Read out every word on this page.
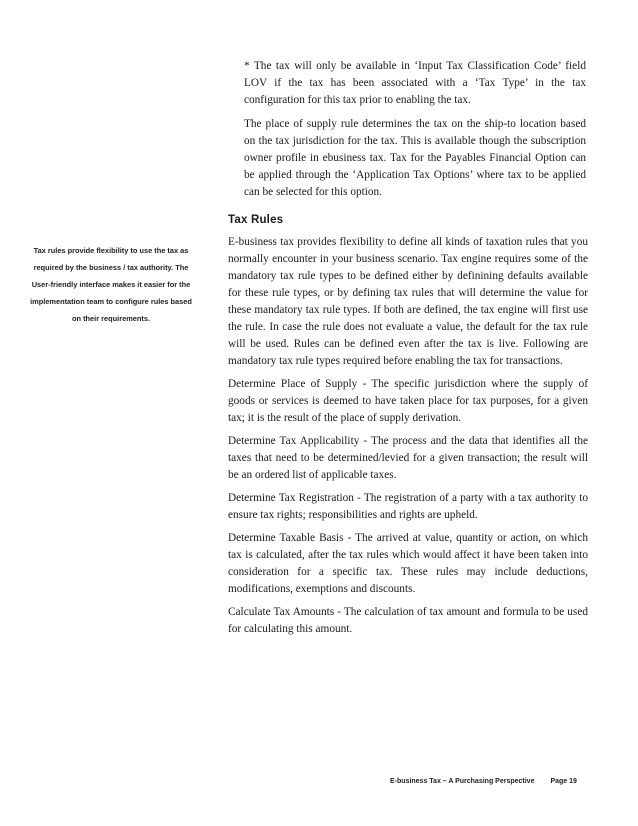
* The tax will only be available in ‘Input Tax Classification Code’ field LOV if the tax has been associated with a ‘Tax Type’ in the tax configuration for this tax prior to enabling the tax.

The place of supply rule determines the tax on the ship-to location based on the tax jurisdiction for the tax. This is available though the subscription owner profile in ebusiness tax. Tax for the Payables Financial Option can be applied through the ‘Application Tax Options’ where tax to be applied can be selected for this option.

Tax rules provide flexibility to use the tax as required by the business / tax authority. The User-friendly interface makes it easier for the implementation team to configure rules based on their requirements.
Tax Rules

E-business tax provides flexibility to define all kinds of taxation rules that you normally encounter in your business scenario. Tax engine requires some of the mandatory tax rule types to be defined either by definining defaults available for these rule types, or by defining tax rules that will determine the value for these mandatory tax rule types. If both are defined, the tax engine will first use the rule. In case the rule does not evaluate a value, the default for the tax rule will be used. Rules can be defined even after the tax is live. Following are mandatory tax rule types required before enabling the tax for transactions.

Determine Place of Supply - The specific jurisdiction where the supply of goods or services is deemed to have taken place for tax purposes, for a given tax; it is the result of the place of supply derivation.

Determine Tax Applicability - The process and the data that identifies all the taxes that need to be determined/levied for a given transaction; the result will be an ordered list of applicable taxes.

Determine Tax Registration - The registration of a party with a tax authority to ensure tax rights; responsibilities and rights are upheld.

Determine Taxable Basis - The arrived at value, quantity or action, on which tax is calculated, after the tax rules which would affect it have been taken into consideration for a specific tax. These rules may include deductions, modifications, exemptions and discounts.

Calculate Tax Amounts - The calculation of tax amount and formula to be used for calculating this amount.

E-business Tax – A Purchasing Perspective Page 19
